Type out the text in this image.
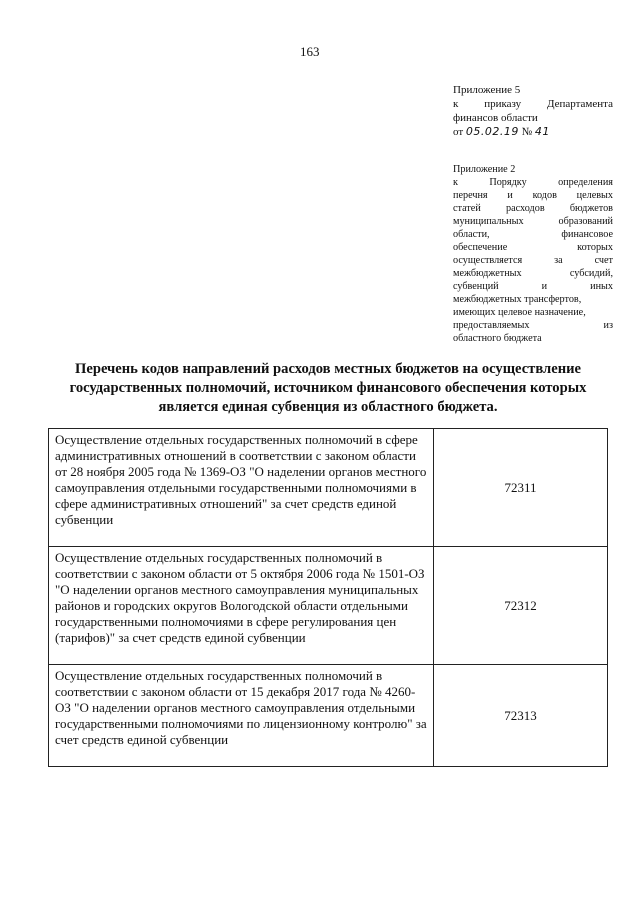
163
Приложение 5
к приказу Департамента
финансов области
от 05.02.19 № 41
Приложение 2
к	Порядку	определения
перечня и кодов целевых
статей расходов бюджетов
муниципальных	образований
области,	финансовое
обеспечение	которых
осуществляется	за	счет
межбюджетных	субсидий,
субвенций	и	иных
межбюджетных трансфертов,
имеющих целевое назначение,
предоставляемых	из
областного бюджета
Перечень кодов направлений расходов местных бюджетов на осуществление государственных полномочий, источником финансового обеспечения которых является единая субвенция из областного бюджета.
Осуществление отдельных государственных полномочий в сфере административных отношений в соответствии с законом области от 28 ноября 2005 года № 1369-ОЗ "О наделении органов местного самоуправления отдельными государственными полномочиями в сфере административных отношений" за счет средств единой субвенции	72311
Осуществление отдельных государственных полномочий в соответствии с законом области от 5 октября 2006 года № 1501-ОЗ "О наделении органов местного самоуправления муниципальных районов и городских округов Вологодской области отдельными государственными полномочиями в сфере регулирования цен (тарифов)" за счет средств единой субвенции	72312
Осуществление отдельных государственных полномочий в соответствии с законом области от 15 декабря 2017 года № 4260-ОЗ "О наделении органов местного самоуправления отдельными государственными полномочиями по лицензионному контролю" за счет средств единой субвенции	72313
